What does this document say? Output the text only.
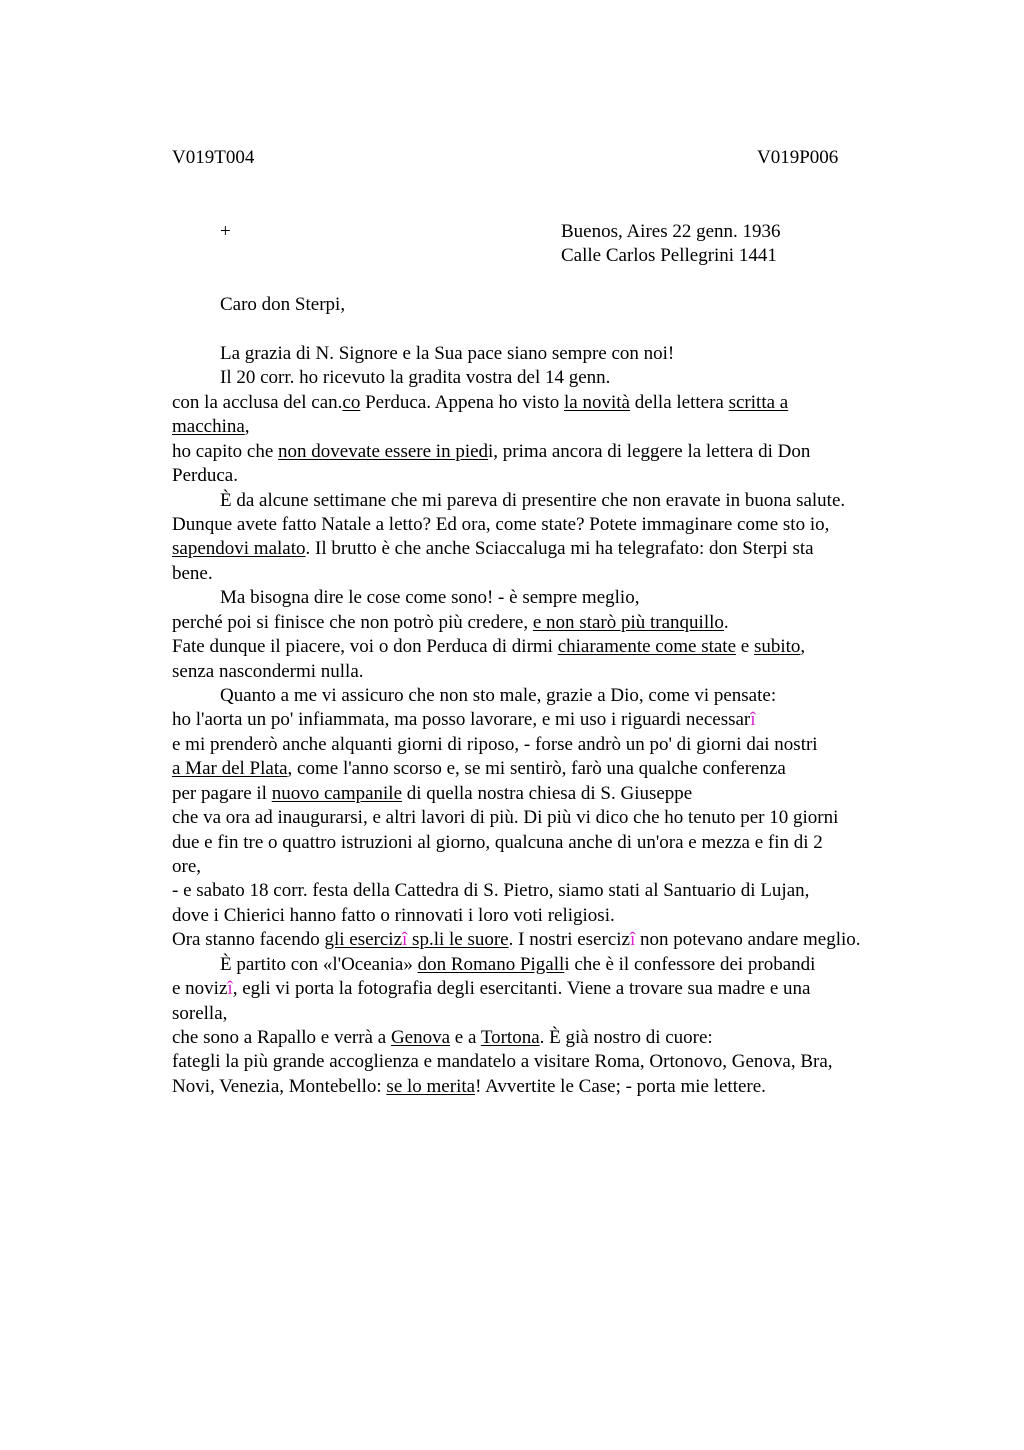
V019T004	V019P006
+	Buenos, Aires 22 genn. 1936
Calle Carlos Pellegrini 1441
Caro don Sterpi,
La grazia di N. Signore e la Sua pace siano sempre con noi!
Il 20 corr. ho ricevuto la gradita vostra del 14 genn.
con la acclusa del can.co Perduca. Appena ho visto la novità della lettera scritta a
macchina,
ho capito che non dovevate essere in piedi, prima ancora di leggere la lettera di Don
Perduca.
È da alcune settimane che mi pareva di presentire che non eravate in buona salute.
Dunque avete fatto Natale a letto? Ed ora, come state? Potete immaginare come sto io,
sapendovi malato. Il brutto è che anche Sciaccaluga mi ha telegrafato: don Sterpi sta
bene.
Ma bisogna dire le cose come sono! - è sempre meglio,
perché poi si finisce che non potrò più credere, e non starò più tranquillo.
Fate dunque il piacere, voi o don Perduca di dirmi chiaramente come state e subito,
senza nascondermi nulla.
Quanto a me vi assicuro che non sto male, grazie a Dio, come vi pensate:
ho l'aorta un po' infiammata, ma posso lavorare, e mi uso i riguardi necessarî
e mi prenderò anche alquanti giorni di riposo, - forse andrò un po' di giorni dai nostri
a Mar del Plata, come l'anno scorso e, se mi sentirò, farò una qualche conferenza
per pagare il nuovo campanile di quella nostra chiesa di S. Giuseppe
che va ora ad inaugurarsi, e altri lavori di più. Di più vi dico che ho tenuto per 10 giorni
due e fin tre o quattro istruzioni al giorno, qualcuna anche di un'ora e mezza e fin di 2
ore,
- e sabato 18 corr. festa della Cattedra di S. Pietro, siamo stati al Santuario di Lujan,
dove i Chierici hanno fatto o rinnovati i loro voti religiosi.
Ora stanno facendo gli esercizî sp.li le suore. I nostri esercizî non potevano andare meglio.
È partito con «l'Oceania» don Romano Pigalli che è il confessore dei probandi
e novizî, egli vi porta la fotografia degli esercitanti. Viene a trovare sua madre e una
sorella,
che sono a Rapallo e verrà a Genova e a Tortona. È già nostro di cuore:
fategli la più grande accoglienza e mandatelo a visitare Roma, Ortonovo, Genova, Bra,
Novi, Venezia, Montebello: se lo merita! Avvertite le Case; - porta mie lettere.
